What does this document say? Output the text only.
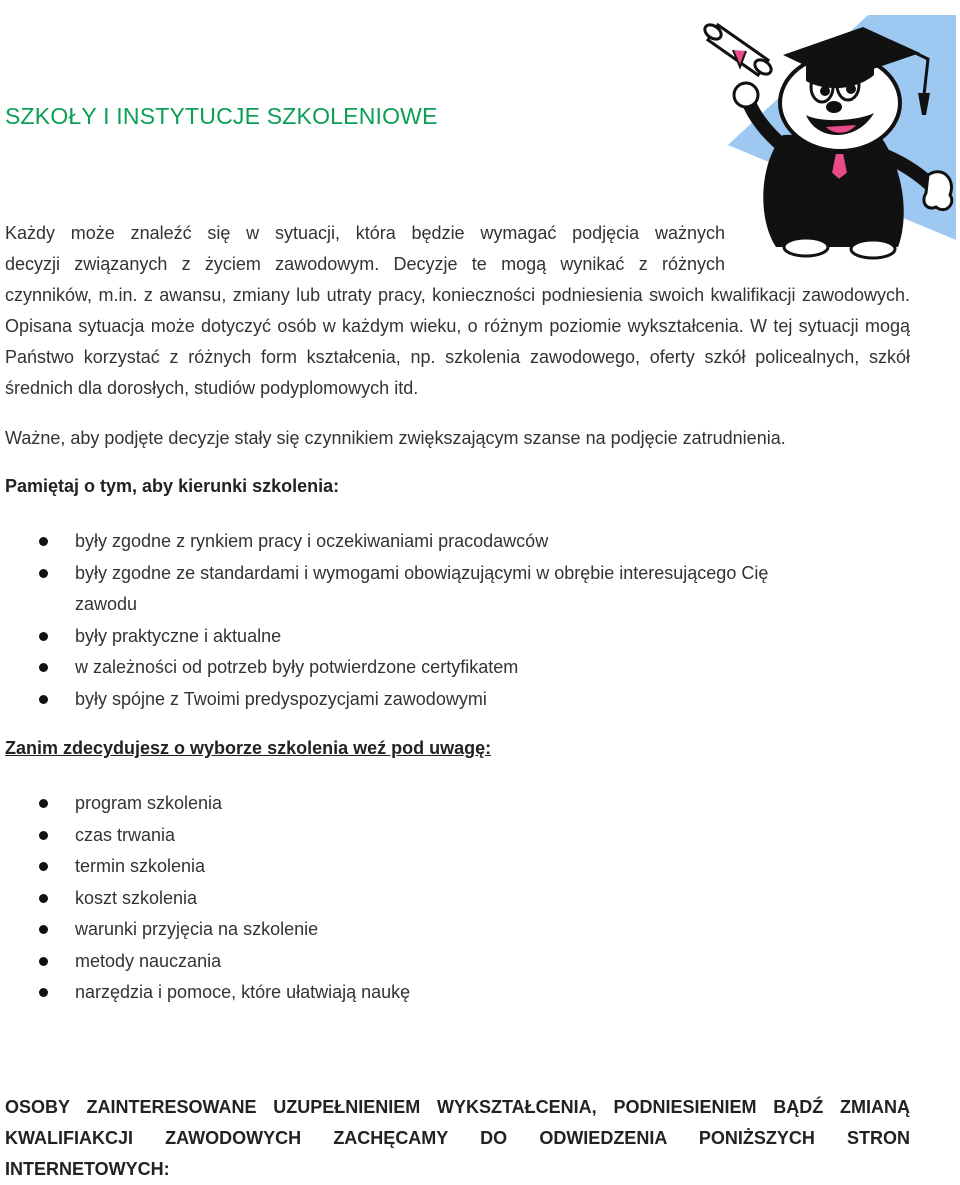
SZKOŁY I INSTYTUCJE SZKOLENIOWE
Każdy może znaleźć się w sytuacji, która będzie wymagać podjęcia ważnych
decyzji związanych z życiem zawodowym. Decyzje te mogą wynikać z różnych
czynników, m.in. z awansu, zmiany lub utraty pracy, konieczności podniesienia swoich kwalifikacji zawodowych. Opisana sytuacja może dotyczyć osób w każdym wieku, o różnym poziomie wykształcenia. W tej sytuacji mogą Państwo korzystać z różnych form kształcenia, np. szkolenia zawodowego, oferty szkół policealnych, szkół średnich dla dorosłych, studiów podyplomowych itd.

Ważne, aby podjęte decyzje stały się czynnikiem zwiększającym szanse na podjęcie zatrudnienia.

Pamiętaj o tym, aby kierunki szkolenia:

były zgodne z rynkiem pracy i oczekiwaniami pracodawców
były zgodne ze standardami i wymogami obowiązującymi w obrębie interesującego Cię zawodu
były praktyczne i aktualne
w zależności od potrzeb były potwierdzone certyfikatem
były spójne z Twoimi predyspozycjami zawodowymi

Zanim zdecydujesz o wyborze szkolenia weź pod uwagę:

program szkolenia
czas trwania
termin szkolenia
koszt szkolenia
warunki przyjęcia na szkolenie
metody nauczania
narzędzia i pomoce, które ułatwiają naukę
OSOBY ZAINTERESOWANE UZUPEŁNIENIEM WYKSZTAŁCENIA, PODNIESIENIEM BĄDŹ ZMIANĄ
KWALIFIAKCJI ZAWODOWYCH ZACHĘCAMY DO ODWIEDZENIA PONIŻSZYCH STRON
INTERNETOWYCH:
